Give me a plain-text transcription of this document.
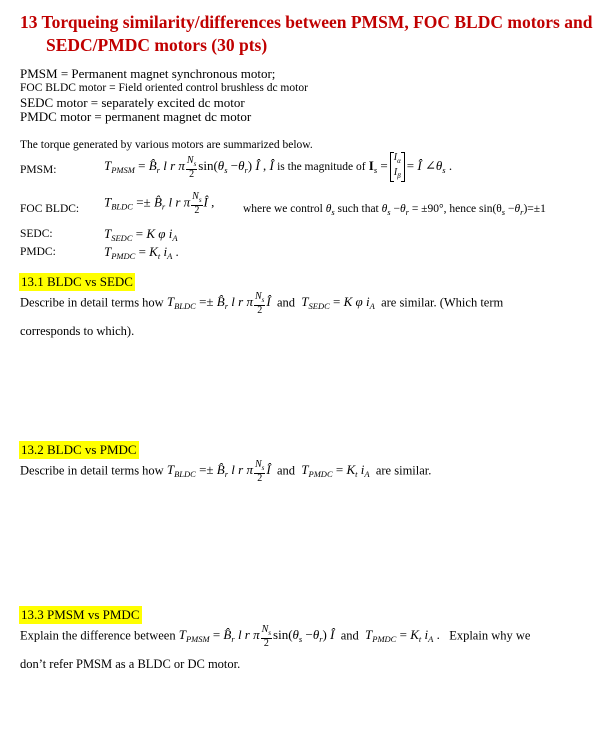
13 Torqueing similarity/differences between PMSM, FOC BLDC motors and
SEDC/PMDC motors (30 pts)
PMSM = Permanent magnet synchronous motor;
FOC BLDC motor = Field oriented control brushless dc motor
SEDC motor = separately excited dc motor
PMDC motor = permanent magnet dc motor
The torque generated by various motors are summarized below.
PMSM:	$T_{PMSM}$ = $B̂_r$ l r π $\frac{N_s}{2} \sin(\theta_s -\theta_r)$ Î , Î is the magnitude of $I_s =I_\alpha$
$I_\beta=$ Î $\angle\theta_s$ .
FOC BLDC: $T_{BLDC}$ =± $B̂_r$ l r π $\frac{N_s}{2}$ Î , where we control $\theta_s$ such that $\theta_s -\theta_r = \pm 90^\circ$, hence $\sin(\theta_s -\theta_r)=\pm 1$
SEDC:	$T_{SEDC} = K$ φ $i_A$
PMDC:	$T_{PMDC} = K_t$ $i_A$ .
13.1 BLDC vs SEDC
Describe in detail terms how $T_{BLDC}$ =± $B̂_r$ l r π $\frac{N_s}{2}$ Î and $T_{SEDC} = K$ φ $i_A$ are similar. (Which term
corresponds to which).
13.2 BLDC vs PMDC
Describe in detail terms how $T_{BLDC}$ =± $B̂_r$ l r π $\frac{N_s}{2}$ Î and $T_{PMDC} = K_t$ $i_A$ are similar.
13.3 PMSM vs PMDC
Explain the difference between $T_{PMSM}$ = $B̂_r$ l r π $\frac{N_s}{2} \sin(\theta_s -\theta_r)$ Î and $T_{PMDC} = K_t$ $i_A$ . Explain why we
don’t refer PMSM as a BLDC or DC motor.
